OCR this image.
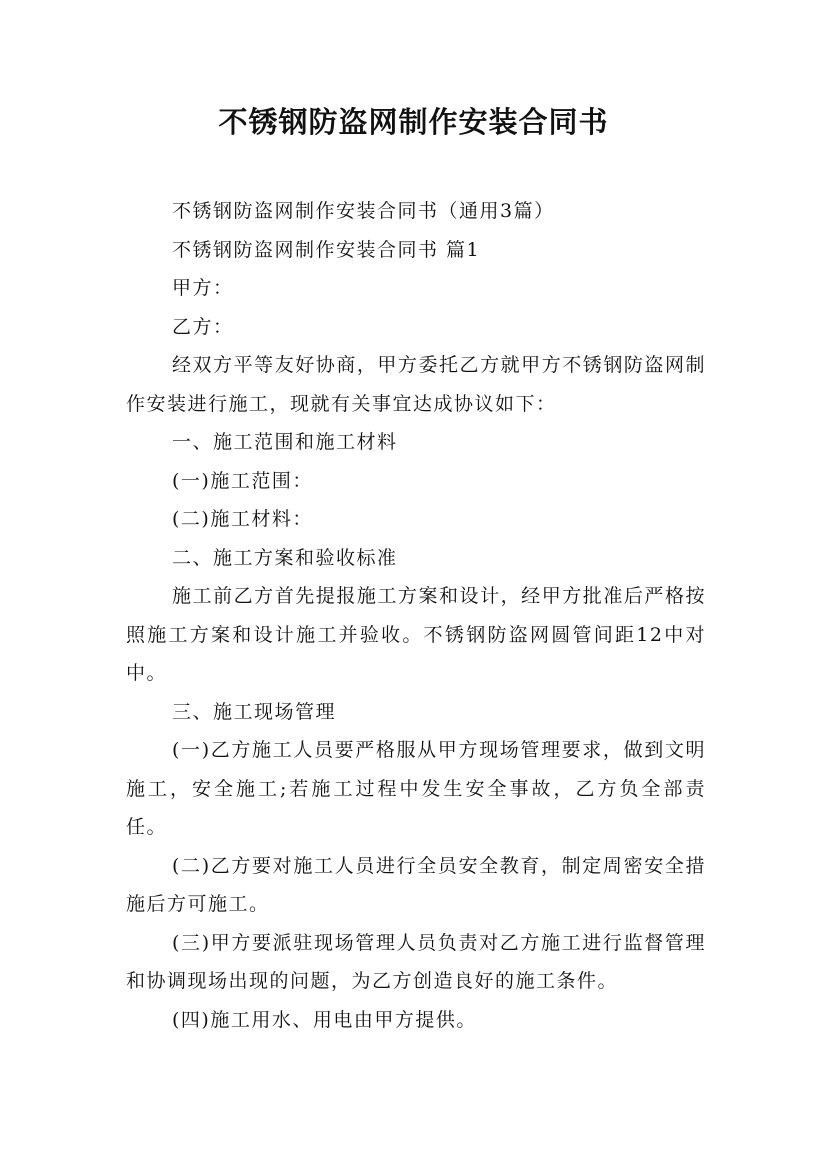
不锈钢防盗网制作安装合同书

不锈钢防盗网制作安装合同书（通用3篇）

不锈钢防盗网制作安装合同书 篇1

甲方：

乙方：

经双方平等友好协商，甲方委托乙方就甲方不锈钢防盗网制作安装进行施工，现就有关事宜达成协议如下：

一、施工范围和施工材料

(一)施工范围：

(二)施工材料：

二、施工方案和验收标准

施工前乙方首先提报施工方案和设计，经甲方批准后严格按照施工方案和设计施工并验收。不锈钢防盗网圆管间距12中对中。

三、施工现场管理

(一)乙方施工人员要严格服从甲方现场管理要求，做到文明施工，安全施工;若施工过程中发生安全事故，乙方负全部责任。

(二)乙方要对施工人员进行全员安全教育，制定周密安全措施后方可施工。

(三)甲方要派驻现场管理人员负责对乙方施工进行监督管理和协调现场出现的问题，为乙方创造良好的施工条件。

(四)施工用水、用电由甲方提供。
